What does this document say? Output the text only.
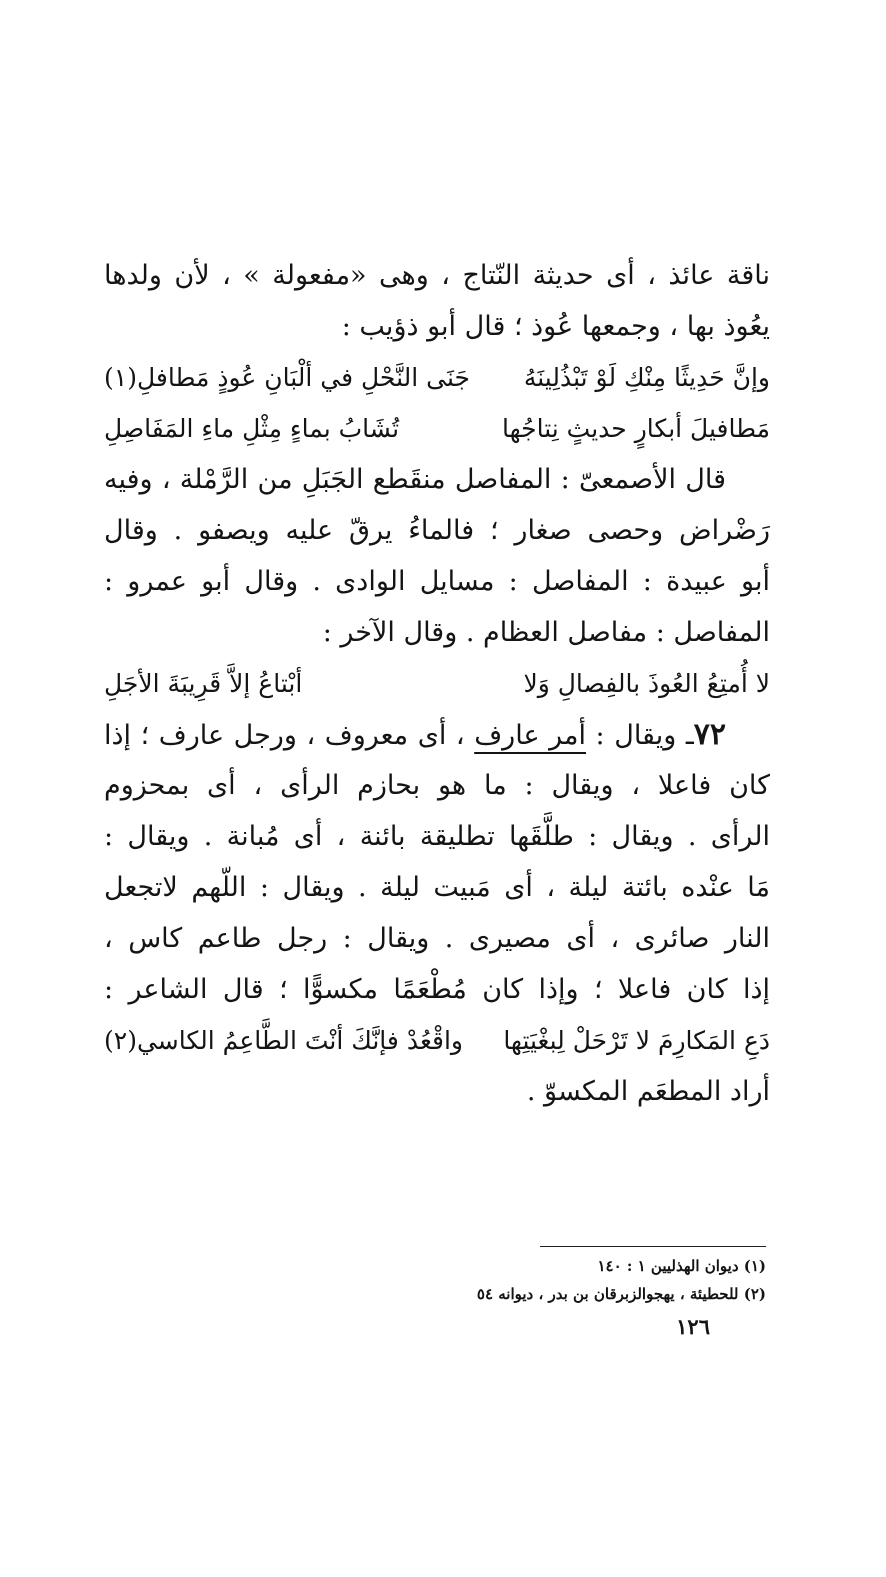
ناقة عائذ ، أى حديثة النّتاج ، وهى «مفعولة » ، لأن ولدها
يعُوذ بها ، وجمعها عُوذ ؛ قال أبو ذؤيب :
وإنَّ حَدِيثًا مِنْكِ لَوْ تَبْذُلِينَهُ
جَنَى النَّحْلِ في ألْبَانِ عُوذٍ مَطافلِ(١)
مَطافيلَ أبكارٍ حديثٍ نِتاجُها
تُشَابُ بماءٍ مِثْلِ ماءِ المَفَاصِلِ
قال الأصمعىّ : المفاصل منقَطع الجَبَلِ من الرَّمْلة ، وفيه
رَضْراض وحصى صغار ؛ فالماءُ يرقّ عليه ويصفو . وقال
أبو عبيدة : المفاصل : مسايل الوادى . وقال أبو عمرو :
المفاصل : مفاصل العظام . وقال الآخر :
لا أُمتِعُ العُوذَ بالفِصالِ وَلا
أبْتاعُ إلاَّ قَرِيبَةَ الأجَلِ
٧٢ـ ويقال : أمر عارف ، أى معروف ، ورجل عارف ؛ إذا
كان فاعلا ، ويقال : ما هو بحازم الرأى ، أى بمحزوم
الرأى . ويقال : طلَّقَها تطليقة بائنة ، أى مُبانة . ويقال :
مَا عنْده بائتة ليلة ، أى مَبيت ليلة . ويقال : اللّهم لاتجعل
النار صائرى ، أى مصيرى . ويقال : رجل طاعم كاس ،
إذا كان فاعلا ؛ وإذا كان مُطْعَمًا مكسوًّا ؛ قال الشاعر :
دَعِ المَكارِمَ لا تَرْحَلْ لِبغْيَتِها
واقْعُدْ فإنَّكَ أنْتَ الطَّاعِمُ الكاسي(٢)
أراد المطعَم المكسوّ .
(١) ديوان الهذليين ١ : ١٤٠
(٢) للحطيئة ، يهجوالزبرقان بن بدر ، ديوانه ٥٤
١٢٦
